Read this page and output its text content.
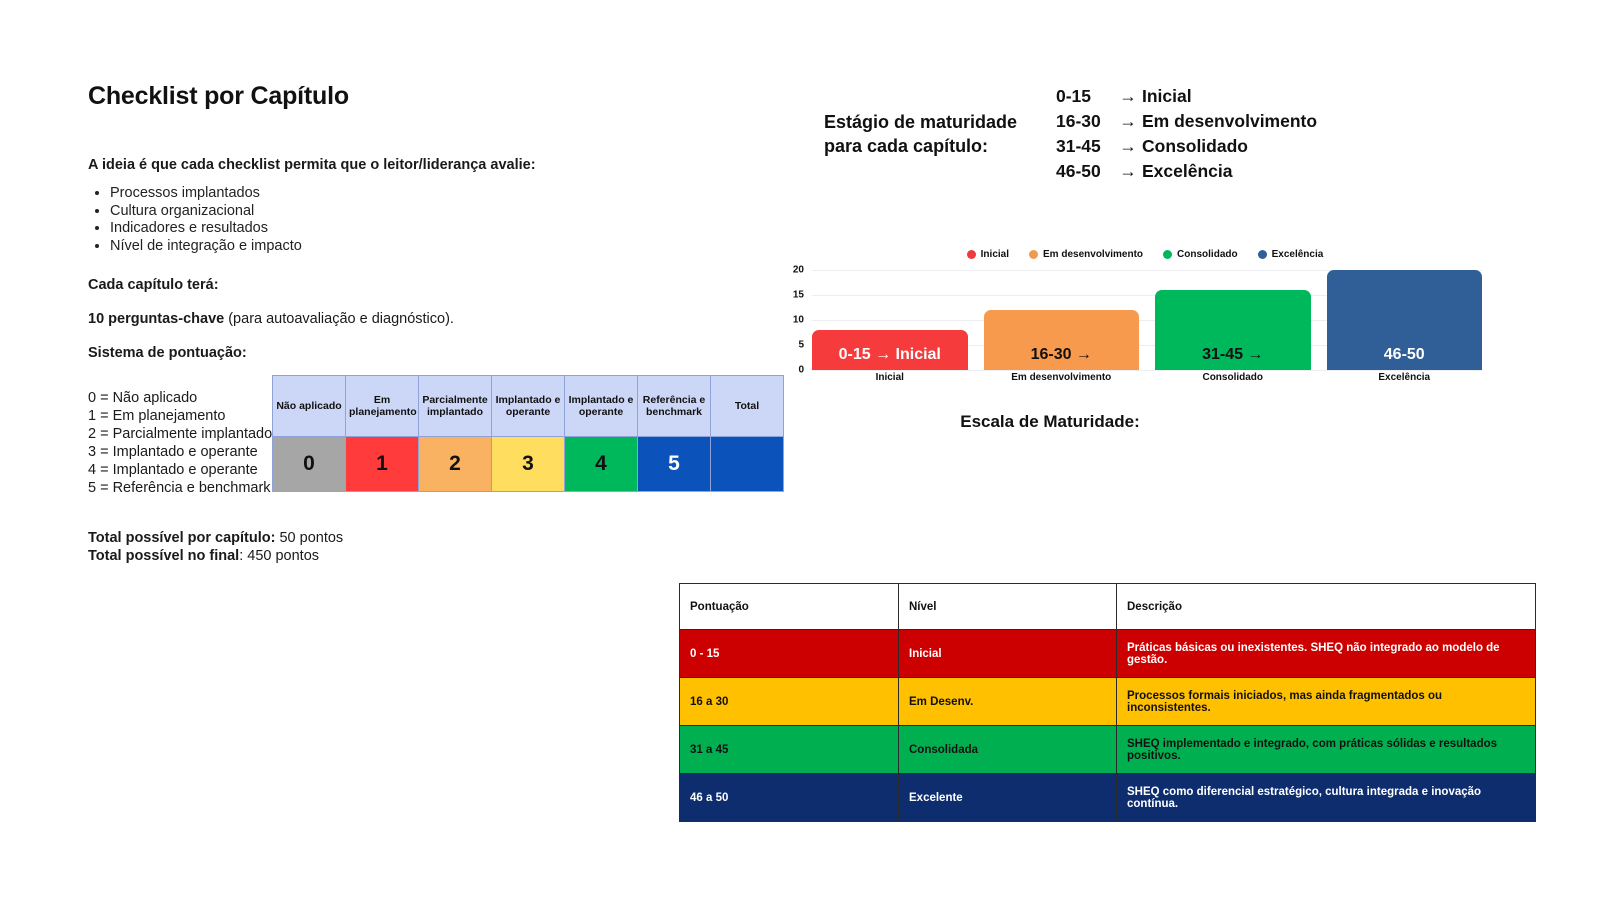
Checklist por Capítulo

A ideia é que cada checklist permita que o leitor/liderança avalie:

• Processos implantados
• Cultura organizacional
• Indicadores e resultados
• Nível de integração e impacto

Cada capítulo terá:

10 perguntas-chave (para autoavaliação e diagnóstico).

Sistema de pontuação:

0 = Não aplicado
1 = Em planejamento
2 = Parcialmente implantado
3 = Implantado e operante
4 = Implantado e operante
5 = Referência e benchmark
Não aplicado	Em planejamento	Parcialmente implantado	Implantado e operante	Implantado e operante	Referência e benchmark	Total
0	1	2	3	4	5	
Total possível por capítulo: 50 pontos
Total possível no final: 450 pontos
Estágio de maturidade para cada capítulo:
0-15	→ Inicial
16-30	→ Em desenvolvimento
31-45	→ Consolidado
46-50	→ Excelência
Inicial	Em desenvolvimento	Consolidado	Excelência
20
15
10
5
0
0-15 → Inicial	16-30 →	31-45 →	46-50
Inicial	Em desenvolvimento	Consolidado	Excelência
Escala de Maturidade:
Pontuação	Nível	Descrição
0 - 15	Inicial	Práticas básicas ou inexistentes. SHEQ não integrado ao modelo de gestão.
16 a 30	Em Desenv.	Processos formais iniciados, mas ainda fragmentados ou inconsistentes.
31 a 45	Consolidada	SHEQ implementado e integrado, com práticas sólidas e resultados positivos.
46 a 50	Excelente	SHEQ como diferencial estratégico, cultura integrada e inovação contínua.
